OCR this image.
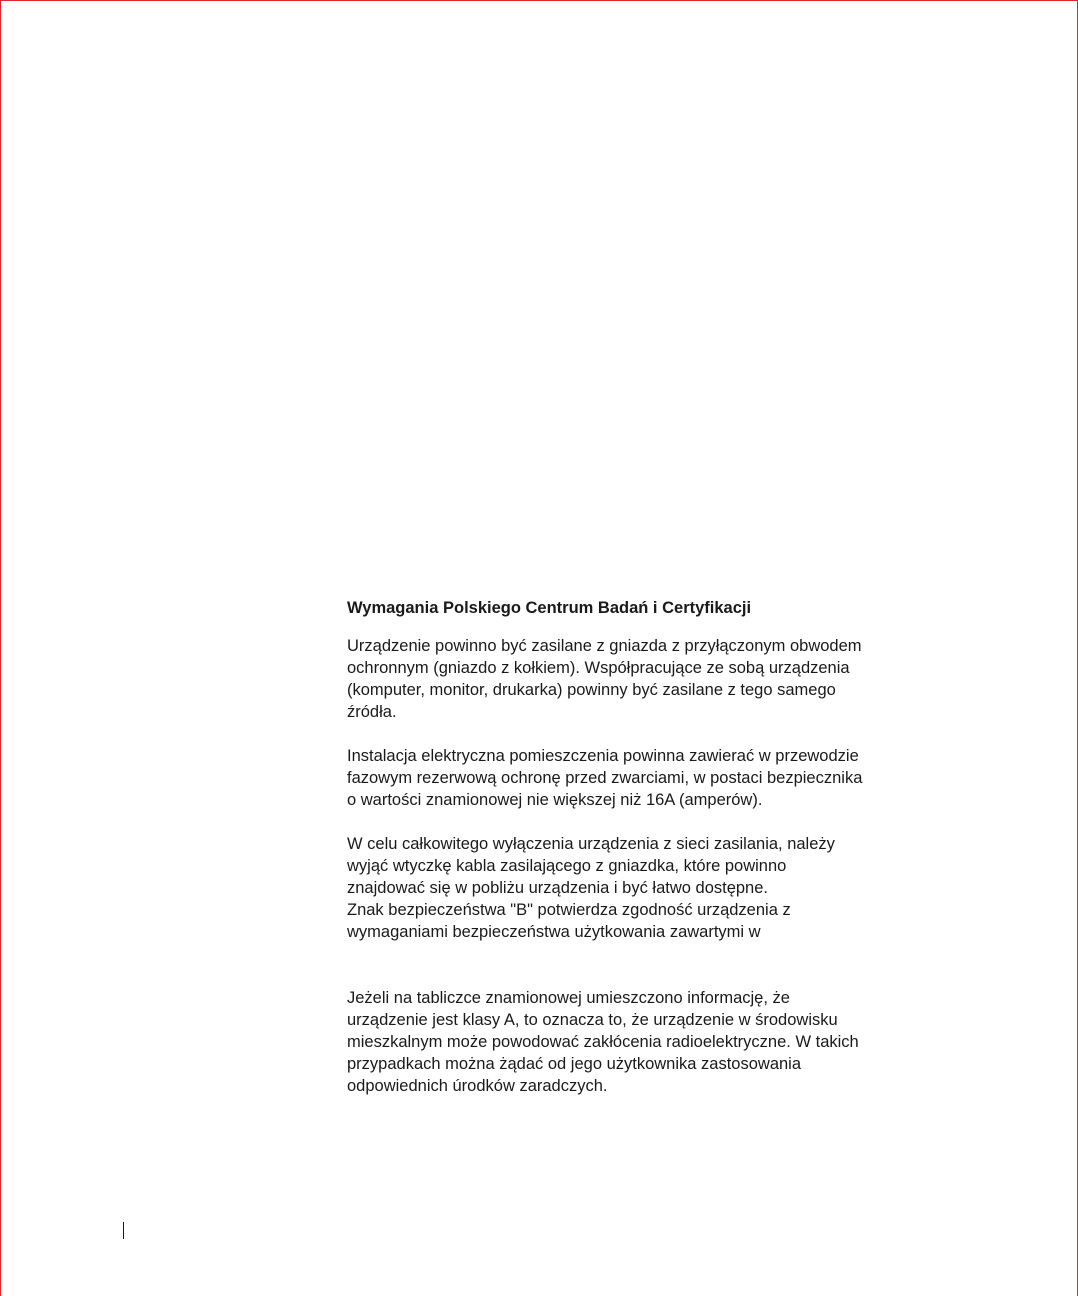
Wymagania Polskiego Centrum Badań i Certyfikacji

Urządzenie powinno być zasilane z gniazda z przyłączonym obwodem
ochronnym (gniazdo z kołkiem). Współpracujące ze sobą urządzenia
(komputer, monitor, drukarka) powinny być zasilane z tego samego
źródła.

Instalacja elektryczna pomieszczenia powinna zawierać w przewodzie
fazowym rezerwową ochronę przed zwarciami, w postaci bezpiecznika
o wartości znamionowej nie większej niż 16A (amperów).

W celu całkowitego wyłączenia urządzenia z sieci zasilania, należy
wyjąć wtyczkę kabla zasilającego z gniazdka, które powinno
znajdować się w pobliżu urządzenia i być łatwo dostępne.

Znak bezpieczeństwa "B" potwierdza zgodność urządzenia z
wymaganiami bezpieczeństwa użytkowania zawartymi w

Jeżeli na tabliczce znamionowej umieszczono informację, że
urządzenie jest klasy A, to oznacza to, że urządzenie w środowisku
mieszkalnym może powodować zakłócenia radioelektryczne. W takich
przypadkach można żądać od jego użytkownika zastosowania
odpowiednich úrodków zaradczych.
